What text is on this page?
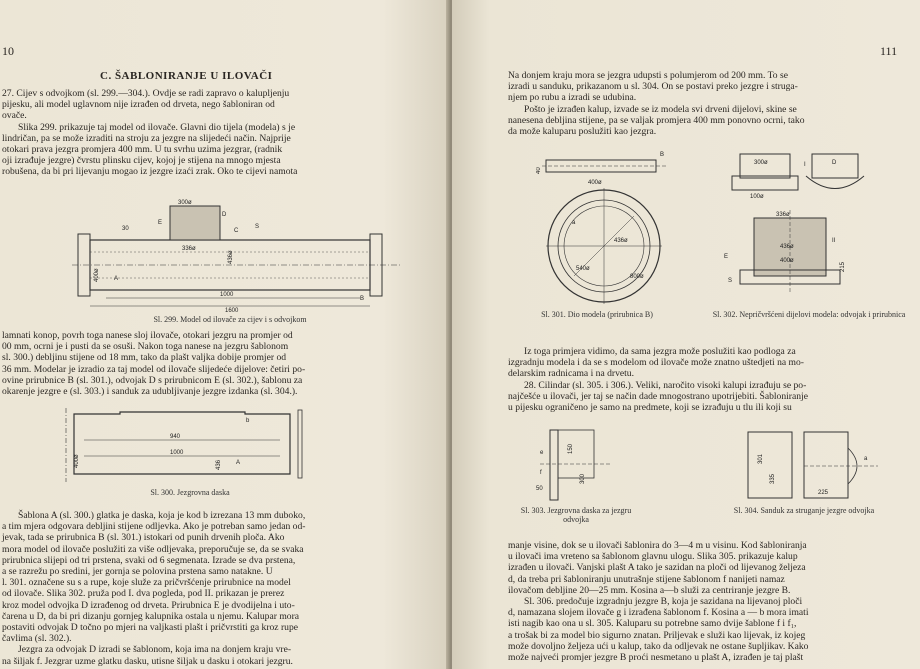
10
C. ŠABLONIRANJE U ILOVAČI

27. Cijev s odvojkom (sl. 299.—304.). Ovdje se radi zapravo o kalupljenju

pijesku, ali model uglavnom nije izrađen od drveta, nego šabloniran od

ovače.

Slika 299. prikazuje taj model od ilovače. Glavni dio tijela (modela) s je

lindričan, pa se može izraditi na stroju za jezgre na slijedeći način. Najprije

otokari prava jezgra promjera 400 mm. U tu svrhu uzima jezgrar, (radnik

oji izrađuje jezgre) čvrstu plinsku cijev, kojoj je stijena na mnogo mjesta

robušena, da bi pri lijevanju mogao iz jezgre izaći zrak. Oko te cijevi namota

300ø
336ø
1000
1600
A
B
C
D
E
S
400ø
436ø
30
Sl. 299. Model od ilovače za cijev i s odvojkom

lamnati konop, povrh toga nanese sloj ilovače, otokari jezgru na promjer od

00 mm, ocrni je i pusti da se osuši. Nakon toga nanese na jezgru šablonom

sl. 300.) debljinu stijene od 18 mm, tako da plašt valjka dobije promjer od

36 mm. Modelar je izradio za taj model od ilovače slijedeće dijelove: četiri po-

ovine prirubnice B (sl. 301.), odvojak D s prirubnicom E (sl. 302.), šablonu za

okarenje jezgre e (sl. 303.) i sanduk za udubljivanje jezgre izdanka (sl. 304.).

940
1000
436
400ø	A
b
Sl. 300. Jezgrovna daska

Šablona A (sl. 300.) glatka je daska, koja je kod b izrezana 13 mm duboko,

a tim mjera odgovara debljini stijene odljevka. Ako je potreban samo jedan od-

jevak, tada se prirubnica B (sl. 301.) istokari od punih drvenih ploča. Ako

mora model od ilovače poslužiti za više odljevaka, preporučuje se, da se svaka

prirubnica slijepi od tri prstena, svaki od 6 segmenata. Izrade se dva prstena,

a se razrežu po sredini, jer gornja se polovina prstena samo natakne. U

l. 301. označene su s a rupe, koje služe za pričvršćenje prirubnice na model

od ilovače. Slika 302. pruža pod I. dva pogleda, pod II. prikazan je prerez

kroz model odvojka D izrađenog od drveta. Prirubnica E je dvodijelna i uto-

čarena u D, da bi pri dizanju gornjeg kalupnika ostala u njemu. Kalupar mora

postaviti odvojak D točno po mjeri na valjkasti plašt i pričvrstiti ga kroz rupe

čavlima (sl. 302.).

Jezgra za odvojak D izradi se šablonom, koja ima na donjem kraju vre-

na šiljak f. Jezgrar uzme glatku dasku, utisne šiljak u dasku i otokari jezgru.

111

Na donjem kraju mora se jezgra udupsti s polumjerom od 200 mm. To se

izradi u sanduku, prikazanom u sl. 304. On se postavi preko jezgre i struga-

njem po rubu a izradi se udubina.

Pošto je izrađen kalup, izvade se iz modela svi drveni dijelovi, skine se

nanesena debljina stijene, pa se valjak promjera 400 mm ponovno ocrni, tako

da može kaluparu poslužiti kao jezgra.

400ø
436ø
540ø
800ø
a
B
40
Sl. 301. Dio modela (prirubnica B)
I	D
II
E
S
300ø
336ø
436ø
400ø
100ø
215
Sl. 302. Nepričvršćeni dijelovi modela: odvojak i prirubnica

Iz toga primjera vidimo, da sama jezgra može poslužiti kao podloga za

izgradnju modela i da se s modelom od ilovače može znatno uštedjeti na mo-

delarskim radnicama i na drvetu.

28. Cilindar (sl. 305. i 306.). Veliki, naročito visoki kalupi izrađuju se po-

najčešće u ilovači, jer taj se način dade mnogostrano upotrijebiti. Šabloniranje

u pijesku ograničeno je samo na predmete, koji se izrađuju u tlu ili koji su

150
300
e
f
50
Sl. 303. Jezgrovna daska za jezgru odvojka
301
335
225
a
Sl. 304. Sanduk za struganje jezgre odvojka

manje visine, dok se u ilovači šablonira do 3—4 m u visinu. Kod šabloniranja

u ilovači ima vreteno sa šablonom glavnu ulogu. Slika 305. prikazuje kalup

izrađen u ilovači. Vanjski plašt A tako je sazidan na ploči od lijevanog željeza

d, da treba pri šabloniranju unutrašnje stijene šablonom f nanijeti namaz

ilovačom debljine 20—25 mm. Kosina a—b služi za centriranje jezgre B.

Sl. 306. predočuje izgradnju jezgre B, koja je sazidana na lijevanoj ploči

d, namazana slojem ilovače g i izrađena šablonom f. Kosina a — b mora imati

isti nagib kao ona u sl. 305. Kaluparu su potrebne samo dvije šablone f i f₁,

a trošak bi za model bio sigurno znatan. Priljevak e služi kao lijevak, iz kojeg

može dovoljno željeza ući u kalup, tako da odljevak ne ostane šupljikav. Kako

može najveći promjer jezgre B proći nesmetano u plašt A, izrađen je taj plašt
